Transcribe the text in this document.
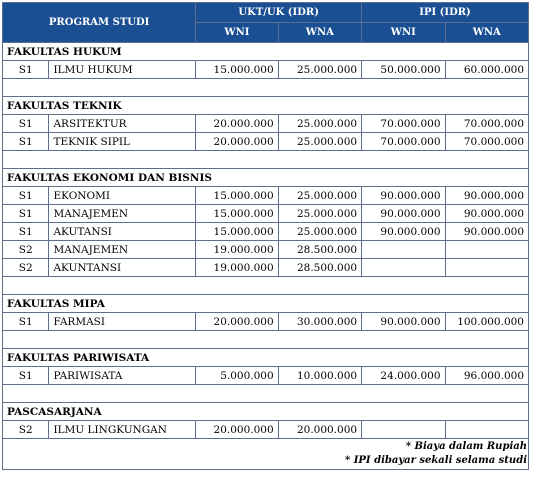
PROGRAM STUDI		UKT/UK (IDR)		IPI (IDR)	
		WNI	WNA	WNI	WNA
FAKULTAS HUKUM					
S1	ILMU HUKUM	15.000.000	25.000.000	50.000.000	60.000.000

FAKULTAS TEKNIK					
S1	ARSITEKTUR	20.000.000	25.000.000	70.000.000	70.000.000
S1	TEKNIK SIPIL	20.000.000	25.000.000	70.000.000	70.000.000

FAKULTAS EKONOMI DAN BISNIS					
S1	EKONOMI	15.000.000	25.000.000	90.000.000	90.000.000
S1	MANAJEMEN	15.000.000	25.000.000	90.000.000	90.000.000
S1	AKUTANSI	15.000.000	25.000.000	90.000.000	90.000.000
S2	MANAJEMEN	19.000.000	28.500.000		
S2	AKUNTANSI	19.000.000	28.500.000		

FAKULTAS MIPA					
S1	FARMASI	20.000.000	30.000.000	90.000.000	100.000.000

FAKULTAS PARIWISATA					
S1	PARIWISATA	5.000.000	10.000.000	24.000.000	96.000.000

PASCASARJANA					
S2	ILMU LINGKUNGAN	20.000.000	20.000.000		

* Biaya dalam Rupiah
* IPI dibayar sekali selama studi					
